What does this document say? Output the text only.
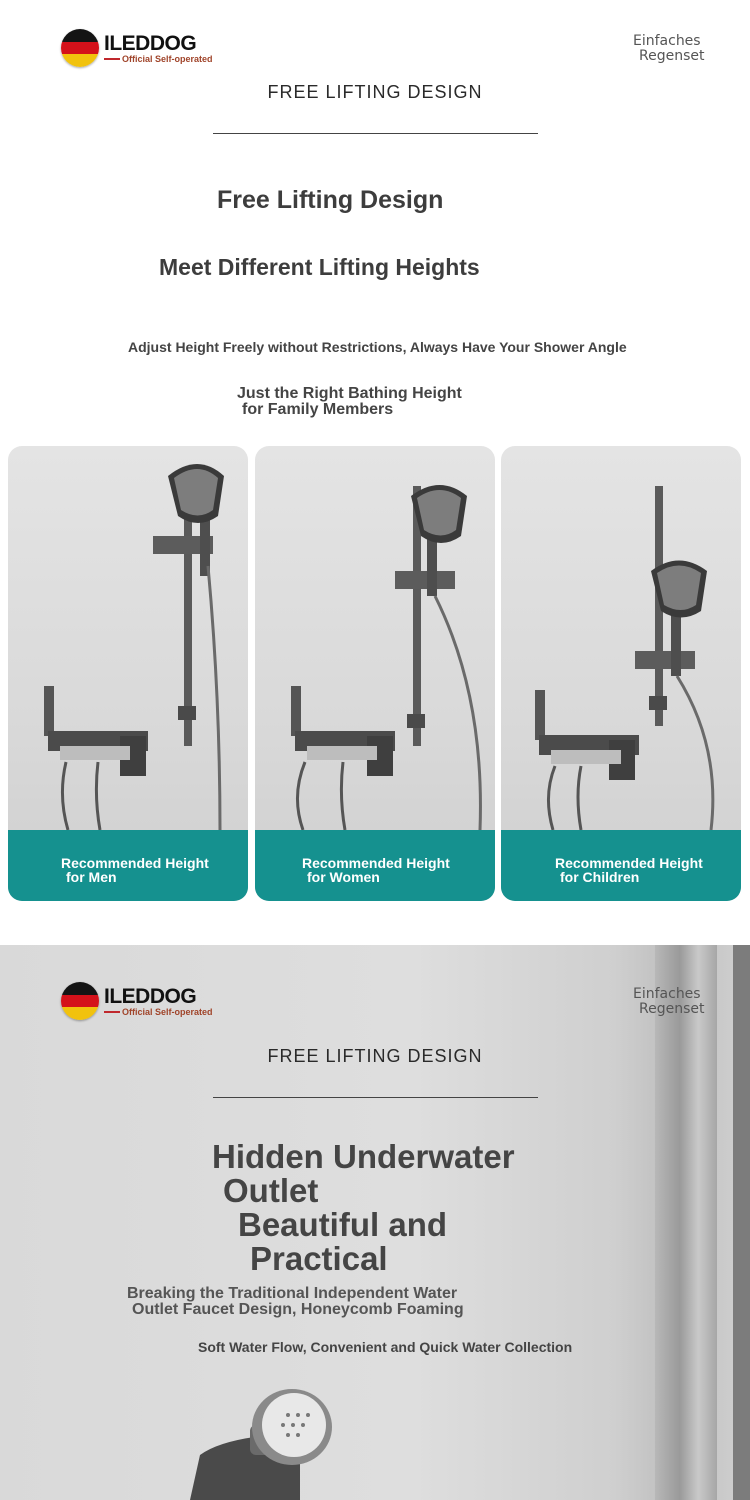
ILEDDOG
Official Self-operated
Einfaches
Regenset
FREE LIFTING DESIGN
Free Lifting Design
Meet Different Lifting Heights
Adjust Height Freely without Restrictions, Always Have Your Shower Angle
Just the Right Bathing Height
for Family Members
Recommended Height
for Men
Recommended Height
for Women
Recommended Height
for Children
ILEDDOG
Official Self-operated
Einfaches
Regenset
FREE LIFTING DESIGN
Hidden Underwater
Outlet
Beautiful and
Practical
Breaking the Traditional Independent Water
Outlet Faucet Design, Honeycomb Foaming
Soft Water Flow, Convenient and Quick Water Collection
